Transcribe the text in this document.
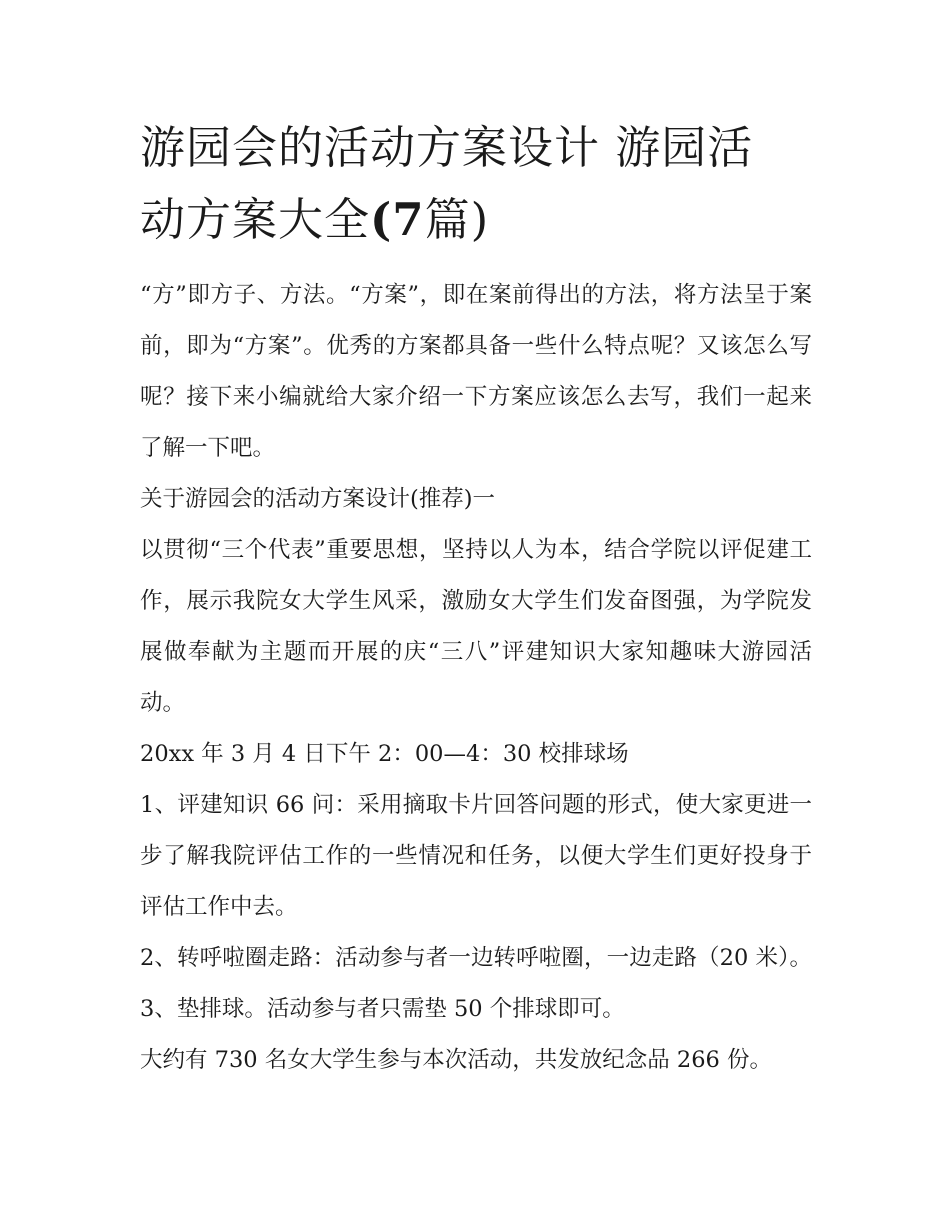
游园会的活动方案设计 游园活
动方案大全(7篇)

“方”即方子、方法。“方案”，即在案前得出的方法，将方法呈于案前，即为“方案”。优秀的方案都具备一些什么特点呢？又该怎么写呢？接下来小编就给大家介绍一下方案应该怎么去写，我们一起来了解一下吧。

关于游园会的活动方案设计(推荐)一

以贯彻“三个代表”重要思想，坚持以人为本，结合学院以评促建工作，展示我院女大学生风采，激励女大学生们发奋图强，为学院发展做奉献为主题而开展的庆“三八”评建知识大家知趣味大游园活动。

20xx 年 3 月 4 日下午 2：00—4：30 校排球场

1、评建知识 66 问：采用摘取卡片回答问题的形式，使大家更进一步了解我院评估工作的一些情况和任务，以便大学生们更好投身于评估工作中去。

2、转呼啦圈走路：活动参与者一边转呼啦圈，一边走路（20 米）。 3、垫排球。活动参与者只需垫 50 个排球即可。

大约有 730 名女大学生参与本次活动，共发放纪念品 266 份。
